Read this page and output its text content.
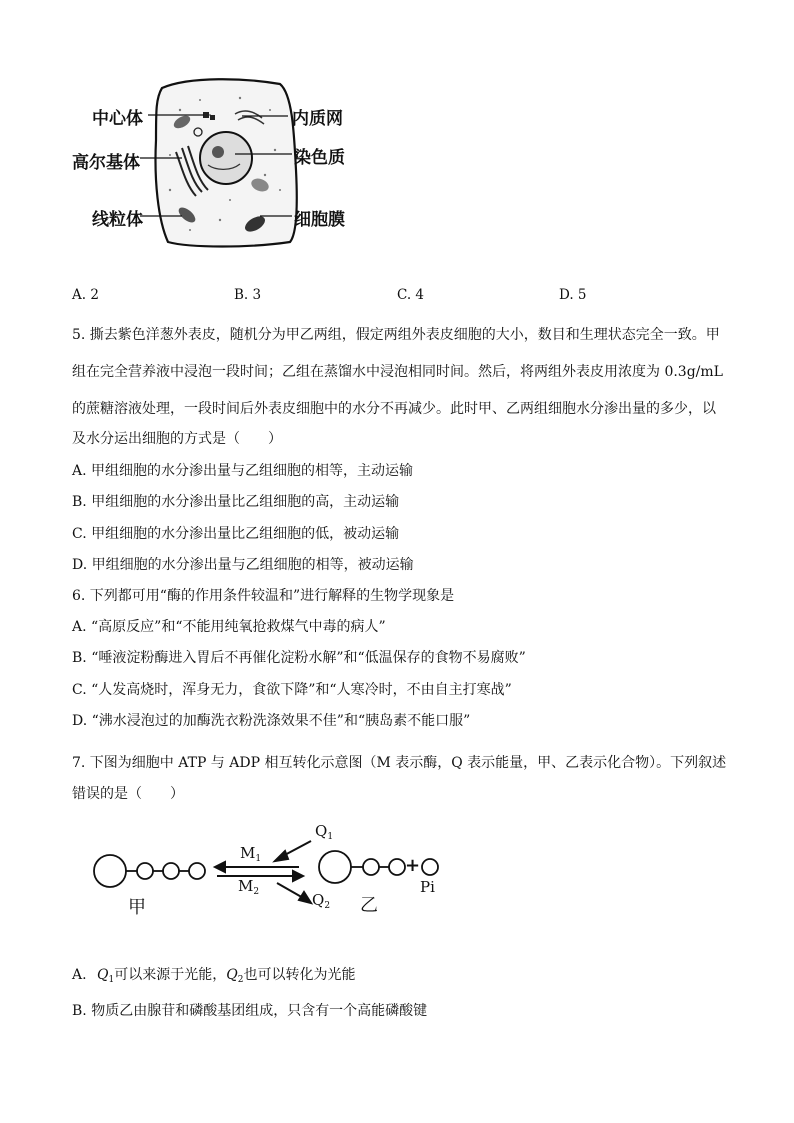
中心体
高尔基体
线粒体
内质网
染色质
细胞膜
A. 2	B. 3	C. 4	D. 5
5. 撕去紫色洋葱外表皮，随机分为甲乙两组，假定两组外表皮细胞的大小，数目和生理状态完全一致。甲
组在完全营养液中浸泡一段时间；乙组在蒸馏水中浸泡相同时间。然后，将两组外表皮用浓度为 0.3g/mL
的蔗糖溶液处理，一段时间后外表皮细胞中的水分不再减少。此时甲、乙两组细胞水分渗出量的多少，以
及水分运出细胞的方式是（　　）
A. 甲组细胞的水分渗出量与乙组细胞的相等，主动运输
B. 甲组细胞的水分渗出量比乙组细胞的高，主动运输
C. 甲组细胞的水分渗出量比乙组细胞的低，被动运输
D. 甲组细胞的水分渗出量与乙组细胞的相等，被动运输
6. 下列都可用“酶的作用条件较温和”进行解释的生物学现象是
A. “高原反应”和“不能用纯氧抢救煤气中毒的病人”
B. “唾液淀粉酶进入胃后不再催化淀粉水解”和“低温保存的食物不易腐败”
C. “人发高烧时，浑身无力，食欲下降”和“人寒冷时，不由自主打寒战”
D. “沸水浸泡过的加酶洗衣粉洗涤效果不佳”和“胰岛素不能口服”
7. 下图为细胞中 ATP 与 ADP 相互转化示意图（M 表示酶，Q 表示能量，甲、乙表示化合物）。下列叙述
错误的是（　　）
甲	乙
+
Pi
$M_1$
$M_2$
$Q_1$
$Q_2$
A. $Q_1$可以来源于光能，$Q_2$也可以转化为光能
B. 物质乙由腺苷和磷酸基团组成，只含有一个高能磷酸键
